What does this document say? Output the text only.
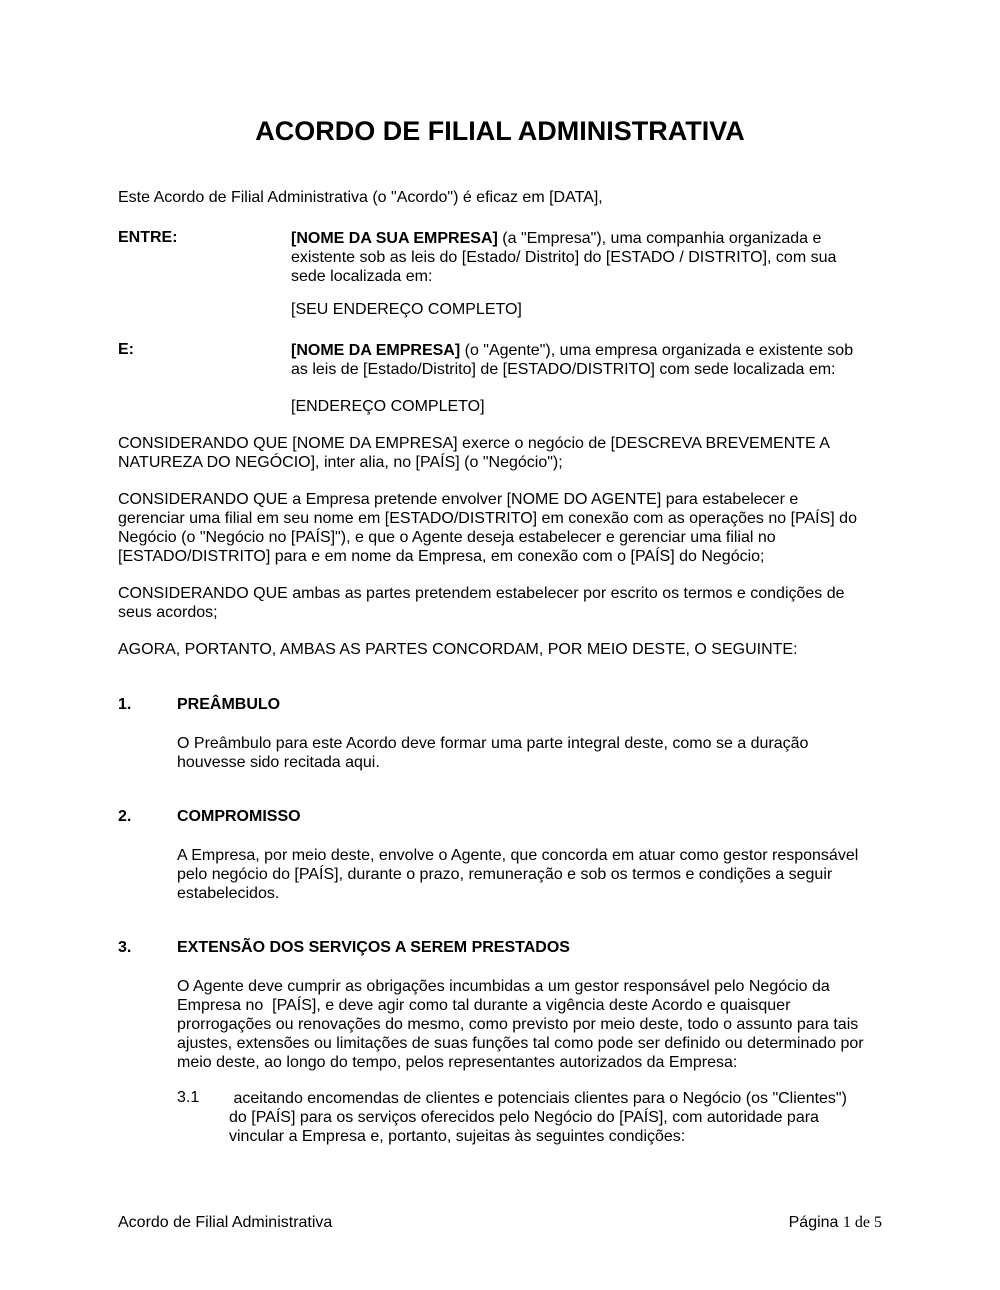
ACORDO DE FILIAL ADMINISTRATIVA
Este Acordo de Filial Administrativa (o "Acordo") é eficaz em [DATA],
ENTRE:	[NOME DA SUA EMPRESA] (a "Empresa"), uma companhia organizada e
existente sob as leis do [Estado/ Distrito] do [ESTADO / DISTRITO], com sua
sede localizada em:
[SEU ENDEREÇO COMPLETO]
E:	[NOME DA EMPRESA] (o "Agente"), uma empresa organizada e existente sob
as leis de [Estado/Distrito] de [ESTADO/DISTRITO] com sede localizada em:
[ENDEREÇO COMPLETO]
CONSIDERANDO QUE [NOME DA EMPRESA] exerce o negócio de [DESCREVA BREVEMENTE A
NATUREZA DO NEGÓCIO], inter alia, no [PAÍS] (o "Negócio");
CONSIDERANDO QUE a Empresa pretende envolver [NOME DO AGENTE] para estabelecer e
gerenciar uma filial em seu nome em [ESTADO/DISTRITO] em conexão com as operações no [PAÍS] do
Negócio (o "Negócio no [PAÍS]"), e que o Agente deseja estabelecer e gerenciar uma filial no
[ESTADO/DISTRITO] para e em nome da Empresa, em conexão com o [PAÍS] do Negócio;
CONSIDERANDO QUE ambas as partes pretendem estabelecer por escrito os termos e condições de
seus acordos;
AGORA, PORTANTO, AMBAS AS PARTES CONCORDAM, POR MEIO DESTE, O SEGUINTE:
1.	PREÂMBULO
O Preâmbulo para este Acordo deve formar uma parte integral deste, como se a duração
houvesse sido recitada aqui.
2.	COMPROMISSO
A Empresa, por meio deste, envolve o Agente, que concorda em atuar como gestor responsável
pelo negócio do [PAÍS], durante o prazo, remuneração e sob os termos e condições a seguir
estabelecidos.
3.	EXTENSÃO DOS SERVIÇOS A SEREM PRESTADOS
O Agente deve cumprir as obrigações incumbidas a um gestor responsável pelo Negócio da
Empresa no  [PAÍS], e deve agir como tal durante a vigência deste Acordo e quaisquer
prorrogações ou renovações do mesmo, como previsto por meio deste, todo o assunto para tais
ajustes, extensões ou limitações de suas funções tal como pode ser definido ou determinado por
meio deste, ao longo do tempo, pelos representantes autorizados da Empresa:
3.1 aceitando encomendas de clientes e potenciais clientes para o Negócio (os "Clientes")
do [PAÍS] para os serviços oferecidos pelo Negócio do [PAÍS], com autoridade para
vincular a Empresa e, portanto, sujeitas às seguintes condições:
Acordo de Filial Administrativa	Página 1 de 5
